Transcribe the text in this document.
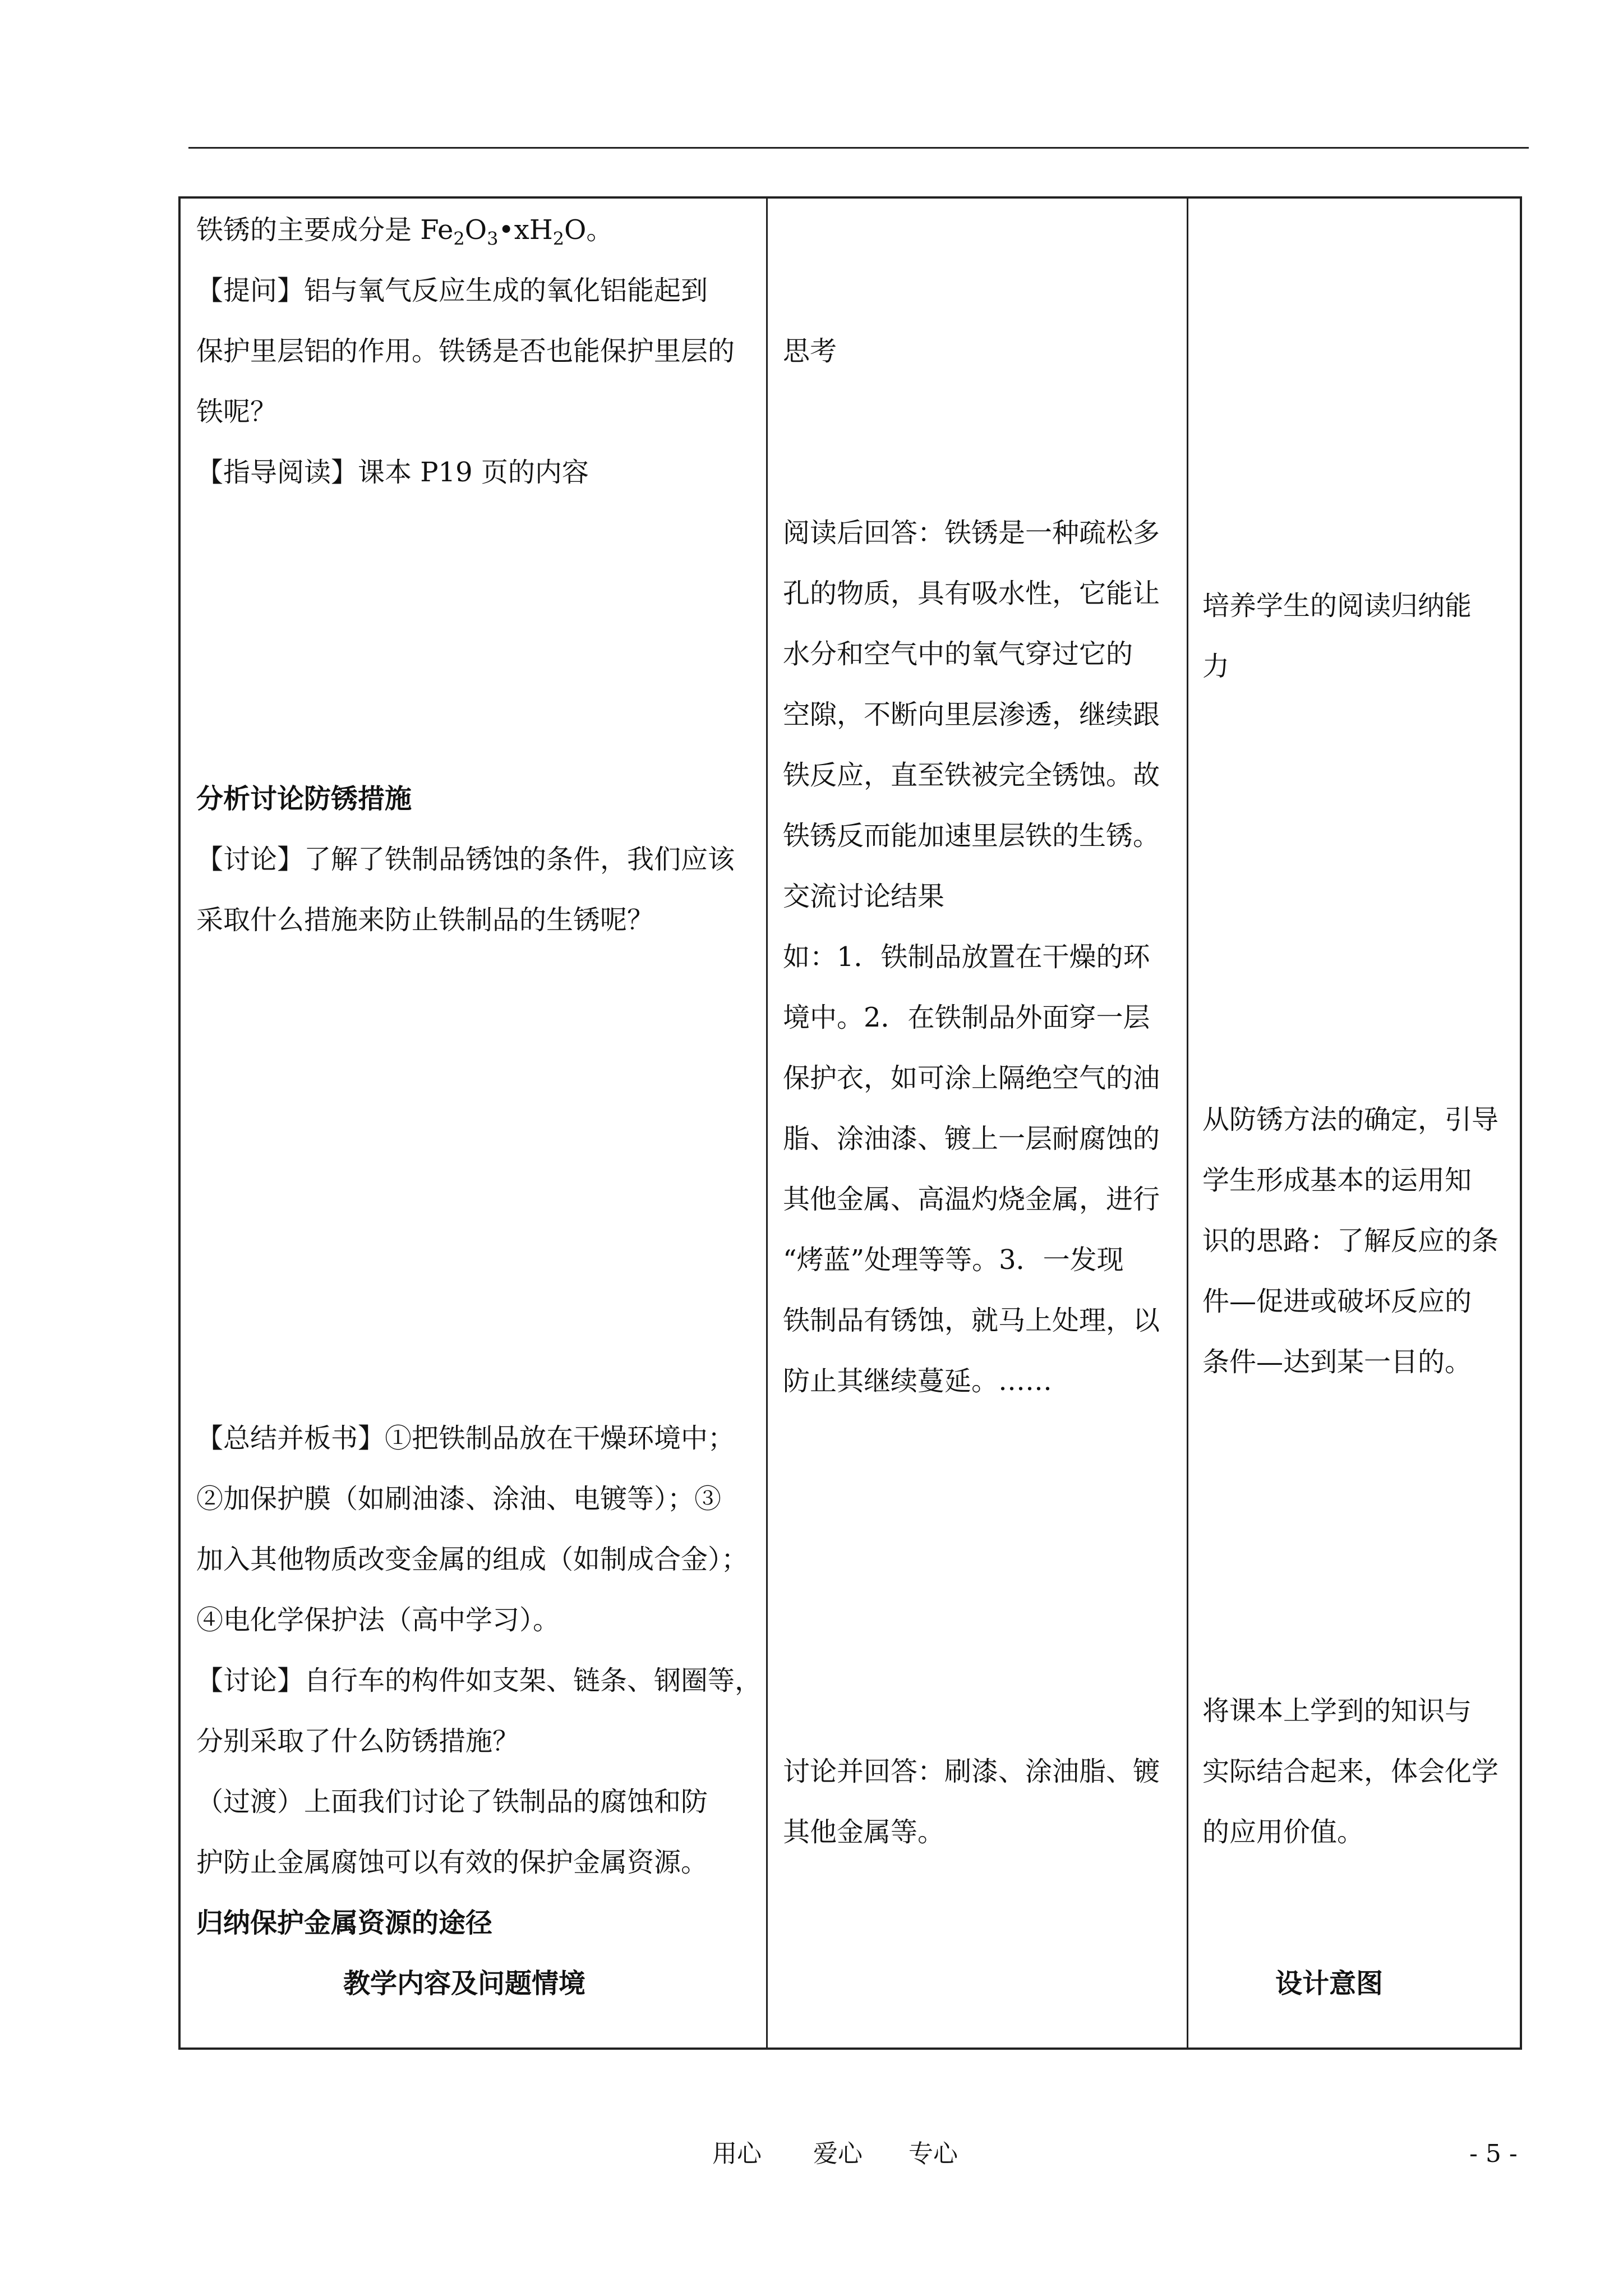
铁锈的主要成分是 $Fe_2O_3•xH_2O$。
【提问】铝与氧气反应生成的氧化铝能起到
保护里层铝的作用。铁锈是否也能保护里层的
铁呢？
【指导阅读】课本 P19 页的内容
分析讨论防锈措施
【讨论】了解了铁制品锈蚀的条件，我们应该
采取什么措施来防止铁制品的生锈呢？
【总结并板书】①把铁制品放在干燥环境中；
②加保护膜（如刷油漆、涂油、电镀等）；③
加入其他物质改变金属的组成（如制成合金）；
④电化学保护法（高中学习）。
【讨论】自行车的构件如支架、链条、钢圈等，
分别采取了什么防锈措施？
（过渡）上面我们讨论了铁制品的腐蚀和防
护防止金属腐蚀可以有效的保护金属资源。
归纳保护金属资源的途径
教学内容及问题情境
思考
阅读后回答：铁锈是一种疏松多
孔的物质，具有吸水性，它能让
水分和空气中的氧气穿过它的
空隙，不断向里层渗透，继续跟
铁反应，直至铁被完全锈蚀。故
铁锈反而能加速里层铁的生锈。
交流讨论结果
如：1．铁制品放置在干燥的环
境中。2．在铁制品外面穿一层
保护衣，如可涂上隔绝空气的油
脂、涂油漆、镀上一层耐腐蚀的
其他金属、高温灼烧金属，进行
“烤蓝”处理等等。3．一发现
铁制品有锈蚀，就马上处理，以
防止其继续蔓延。……
讨论并回答：刷漆、涂油脂、镀
其他金属等。
培养学生的阅读归纳能
力
从防锈方法的确定，引导
学生形成基本的运用知
识的思路：了解反应的条
件—促进或破坏反应的
条件—达到某一目的。
将课本上学到的知识与
实际结合起来，体会化学
的应用价值。
设计意图
用心 爱心 专心	- 5 -
